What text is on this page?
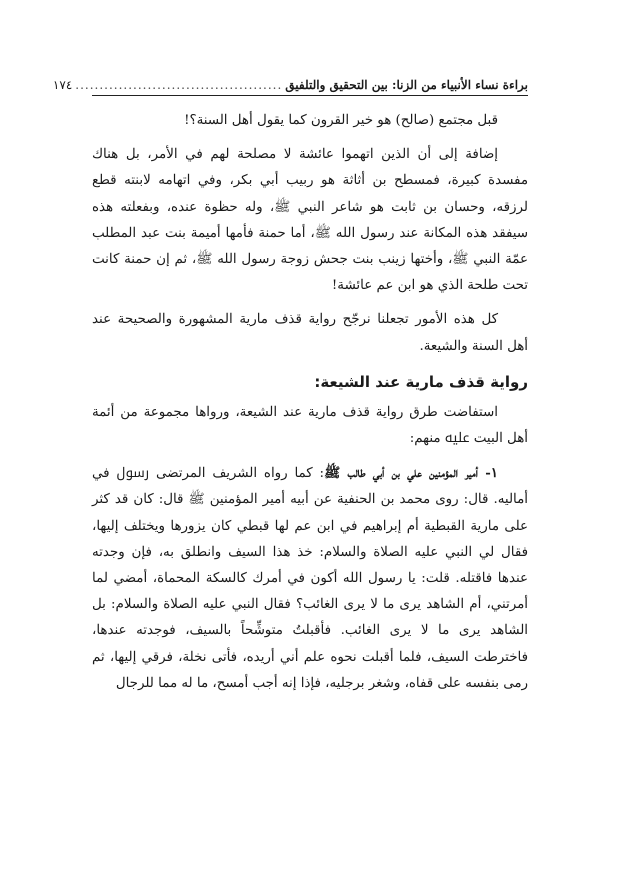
براءة نساء الأنبياء من الزنا: بين التحقيق والتلفيق
...........................................
١٧٤

قبل مجتمع (صالح) هو خير القرون كما يقول أهل السنة؟!

إضافة إلى أن الذين اتهموا عائشة لا مصلحة لهم في الأمر، بل هناك مفسدة كبيرة، فمسطح بن أثاثة هو ربيب أبي بكر، وفي اتهامه لابنته قطع لرزقه، وحسان بن ثابت هو شاعر النبي ﷺ، وله حظوة عنده، وبفعلته هذه سيفقد هذه المكانة عند رسول الله ﷺ، أما حمنة فأمها أميمة بنت عبد المطلب عمّة النبي ﷺ، وأختها زينب بنت جحش زوجة رسول الله ﷺ، ثم إن حمنة كانت تحت طلحة الذي هو ابن عم عائشة!

كل هذه الأمور تجعلنا نرجّح رواية قذف مارية المشهورة والصحيحة عند أهل السنة والشيعة.

رواية قذف مارية عند الشيعة:

استفاضت طرق رواية قذف مارية عند الشيعة، ورواها مجموعة من أئمة أهل البيت ﷷ منهم:

١- أمير المؤمنين علي بن أبي طالب ﷺ: كما رواه الشريف المرتضى ﷶ في أماليه. قال: روى محمد بن الحنفية عن أبيه أمير المؤمنين ﷺ قال: كان قد كثر على مارية القبطية أم إبراهيم في ابن عم لها قبطي كان يزورها ويختلف إليها، فقال لي النبي عليه الصلاة والسلام: خذ هذا السيف وانطلق به، فإن وجدته عندها فاقتله. قلت: يا رسول الله أكون في أمرك كالسكة المحماة، أمضي لما أمرتني، أم الشاهد يرى ما لا يرى الغائب؟ فقال النبي عليه الصلاة والسلام: بل الشاهد يرى ما لا يرى الغائب. فأقبلتُ متوشِّحاً بالسيف، فوجدته عندها، فاخترطت السيف، فلما أقبلت نحوه علم أني أريده، فأتى نخلة، فرقي إليها، ثم رمى بنفسه على قفاه، وشغر برجليه، فإذا إنه أجب أمسح، ما له مما للرجال
